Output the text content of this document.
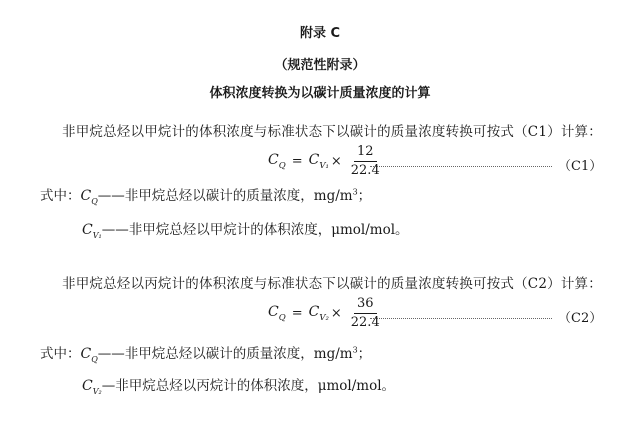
附录 C
（规范性附录）
体积浓度转换为以碳计质量浓度的计算
非甲烷总烃以甲烷计的体积浓度与标准状态下以碳计的质量浓度转换可按式（C1）计算：
$C_Q = C_{V_1} \times \frac{12}{22.4}$	（C1）
式中：$C_Q——$非甲烷总烃以碳计的质量浓度，$mg/m^3$；
$C_{V_1}——$非甲烷总烃以甲烷计的体积浓度，μmol/mol。
非甲烷总烃以丙烷计的体积浓度与标准状态下以碳计的质量浓度转换可按式（C2）计算：
$C_Q = C_{V_2} \times \frac{36}{22.4}$	（C2）
式中：$C_Q——$非甲烷总烃以碳计的质量浓度，$mg/m^3$；
$C_{V_2}—$非甲烷总烃以丙烷计的体积浓度，μmol/mol。
